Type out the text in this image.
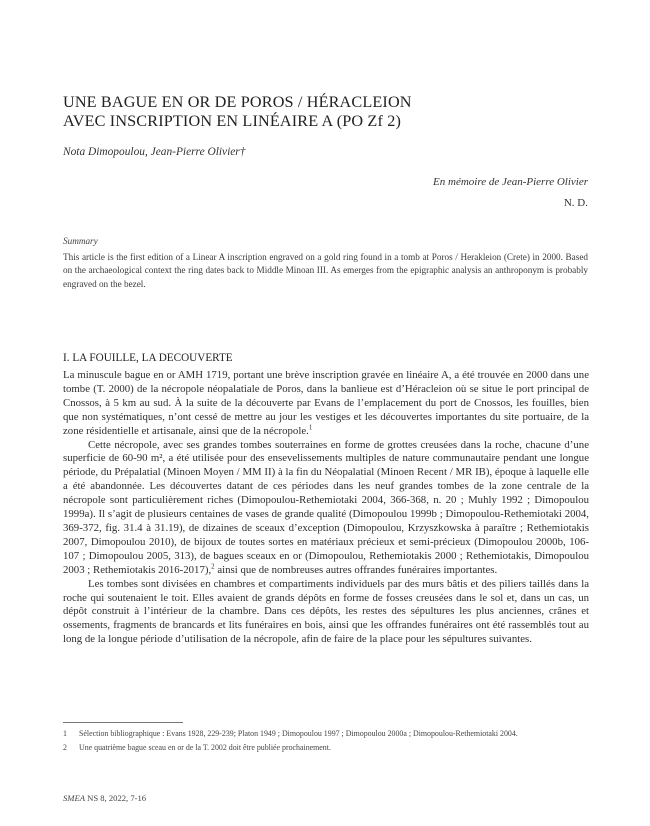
UNE BAGUE EN OR DE POROS / HÉRACLEION
AVEC INSCRIPTION EN LINÉAIRE A (PO Zf 2)

Nota Dimopoulou, Jean-Pierre Olivier†

En mémoire de Jean-Pierre Olivier
N. D.

Summary

This article is the first edition of a Linear A inscription engraved on a gold ring found in a tomb at Poros / Herakleion (Crete) in 2000. Based on the archaeological context the ring dates back to Middle Minoan III. As emerges from the epigraphic analysis an anthroponym is probably engraved on the bezel.

I. LA FOUILLE, LA DECOUVERTE

La minuscule bague en or AMH 1719, portant une brève inscription gravée en linéaire A, a été trouvée en 2000 dans une tombe (T. 2000) de la nécropole néopalatiale de Poros, dans la banlieue est d’Héracleion où se situe le port principal de Cnossos, à 5 km au sud. À la suite de la découverte par Evans de l’emplacement du port de Cnossos, les fouilles, bien que non systématiques, n’ont cessé de mettre au jour les vestiges et les découvertes importantes du site portuaire, de la zone résidentielle et artisanale, ainsi que de la nécropole.$^1$

Cette nécropole, avec ses grandes tombes souterraines en forme de grottes creusées dans la roche, chacune d’une superficie de 60-90 m², a été utilisée pour des ensevelissements multiples de nature communautaire pendant une longue période, du Prépalatial (Minoen Moyen / MM II) à la fin du Néopalatial (Minoen Recent / MR IB), époque à laquelle elle a été abandonnée. Les découvertes datant de ces périodes dans les neuf grandes tombes de la zone centrale de la nécropole sont particulièrement riches (Dimopoulou-Rethemiotaki 2004, 366-368, n. 20 ; Muhly 1992 ; Dimopoulou 1999a). Il s’agit de plusieurs centaines de vases de grande qualité (Dimopoulou 1999b ; Dimopoulou-Rethemiotaki 2004, 369-372, fig. 31.4 à 31.19), de dizaines de sceaux d’exception (Dimopoulou, Krzyszkowska à paraître ; Rethemiotakis 2007, Dimopoulou 2010), de bijoux de toutes sortes en matériaux précieux et semi-précieux (Dimopoulou 2000b, 106-107 ; Dimopoulou 2005, 313), de bagues sceaux en or (Dimopoulou, Rethemiotakis 2000 ; Rethemiotakis, Dimopoulou 2003 ; Rethemiotakis 2016-2017),$^2$ ainsi que de nombreuses autres offrandes funéraires importantes.

Les tombes sont divisées en chambres et compartiments individuels par des murs bâtis et des piliers taillés dans la roche qui soutenaient le toit. Elles avaient de grands dépôts en forme de fosses creusées dans le sol et, dans un cas, un dépôt construit à l’intérieur de la chambre. Dans ces dépôts, les restes des sépultures les plus anciennes, crânes et ossements, fragments de brancards et lits funéraires en bois, ainsi que les offrandes funéraires ont été rassemblés tout au long de la longue période d’utilisation de la nécropole, afin de faire de la place pour les sépultures suivantes.

1	Sélection bibliographique : Evans 1928, 229-239; Platon 1949 ; Dimopoulou 1997 ; Dimopoulou 2000a ; Dimopoulou-Rethemiotaki 2004.
2	Une quatrième bague sceau en or de la T. 2002 doit être publiée prochainement.
SMEA NS 8, 2022, 7-16
